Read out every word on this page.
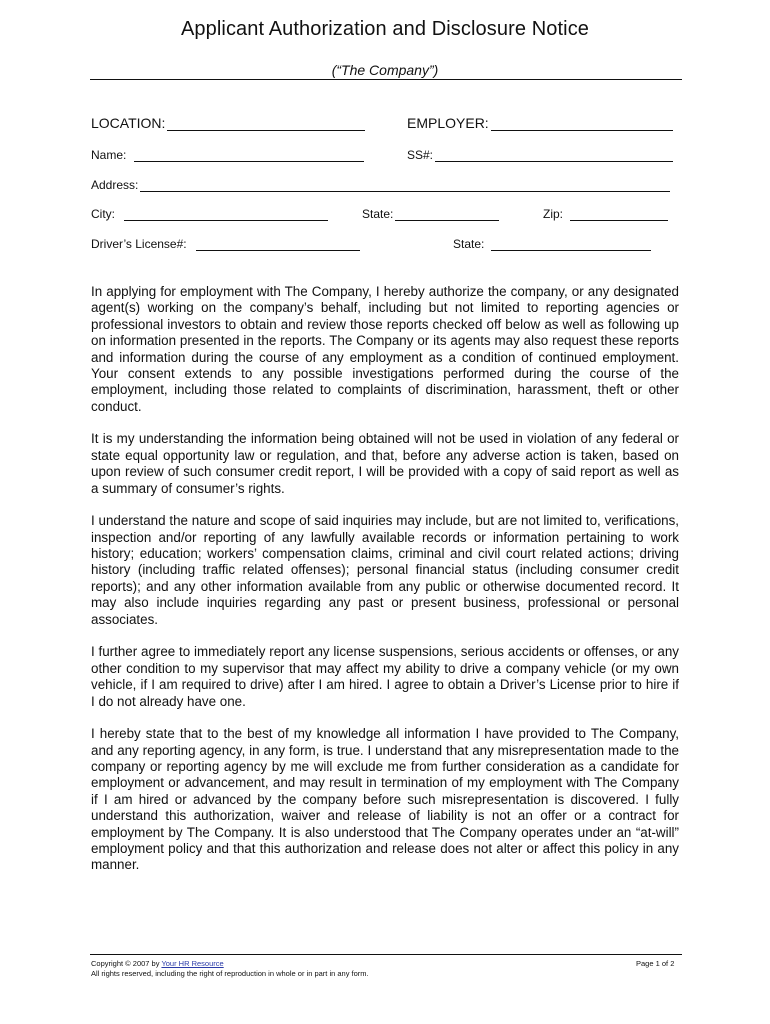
Applicant Authorization and Disclosure Notice
(“The Company”)
LOCATION:	EMPLOYER:
Name:	SS#:
Address:
City:	State:	Zip:
Driver’s License#:	State:

In applying for employment with The Company, I hereby authorize the company, or any designated agent(s) working on the company’s behalf, including but not limited to reporting agencies or professional investors to obtain and review those reports checked off below as well as following up on information presented in the reports. The Company or its agents may also request these reports and information during the course of any employment as a condition of continued employment. Your consent extends to any possible investigations performed during the course of the employment, including those related to complaints of discrimination, harassment, theft or other conduct.

It is my understanding the information being obtained will not be used in violation of any federal or state equal opportunity law or regulation, and that, before any adverse action is taken, based on upon review of such consumer credit report, I will be provided with a copy of said report as well as a summary of consumer’s rights.

I understand the nature and scope of said inquiries may include, but are not limited to, verifications, inspection and/or reporting of any lawfully available records or information pertaining to work history; education; workers’ compensation claims, criminal and civil court related actions; driving history (including traffic related offenses); personal financial status (including consumer credit reports); and any other information available from any public or otherwise documented record. It may also include inquiries regarding any past or present business, professional or personal associates.

I further agree to immediately report any license suspensions, serious accidents or offenses, or any other condition to my supervisor that may affect my ability to drive a company vehicle (or my own vehicle, if I am required to drive) after I am hired. I agree to obtain a Driver’s License prior to hire if I do not already have one.

I hereby state that to the best of my knowledge all information I have provided to The Company, and any reporting agency, in any form, is true. I understand that any misrepresentation made to the company or reporting agency by me will exclude me from further consideration as a candidate for employment or advancement, and may result in termination of my employment with The Company if I am hired or advanced by the company before such misrepresentation is discovered. I fully understand this authorization, waiver and release of liability is not an offer or a contract for employment by The Company. It is also understood that The Company operates under an “at-will” employment policy and that this authorization and release does not alter or affect this policy in any manner.

Copyright © 2007 by Your HR Resource
All rights reserved, including the right of reproduction in whole or in part in any form.
Page 1 of 2
